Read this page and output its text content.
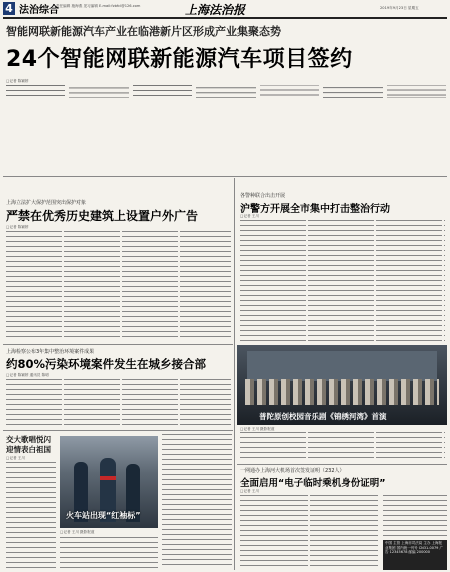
4 法治综合
责任编辑 施海燕 见习编辑 E-mail:fzbfcl@126.com	上海法治报	2019年9月23日 星期五
智能网联新能源汽车产业在临港新片区形成产业集聚态势
24个智能网联新能源汽车项目签约
□记者 陈颖婷
上海立法扩大保护范围突出保护对象
严禁在优秀历史建筑上设置户外广告
□记者 陈颖婷
上海检察公布3年集中整治环境案件成果
约80%污染环境案件发生在城乡接合部
□记者 陈颖婷 通讯员 陈明
交大歌唱悦闪
迎情表白祖国
□记者 王川
火车站出现“红袖标”
□记者 王川 摄影报道
各警种联合出击开展
沪警方开展全市集中打击整治行动
□记者 王川
普陀原创校园音乐剧《锦绣河湾》首演
□记者 王川 摄影报道
一网通办上海河大机场首次签发证明（232人）
全面启用“电子临时乘机身份证明”
□记者 王川
中国 主管 上海市司法局 主办 上海报业集团 国内统一刊号 CN31-0079 广告 12345678 邮编 200000
